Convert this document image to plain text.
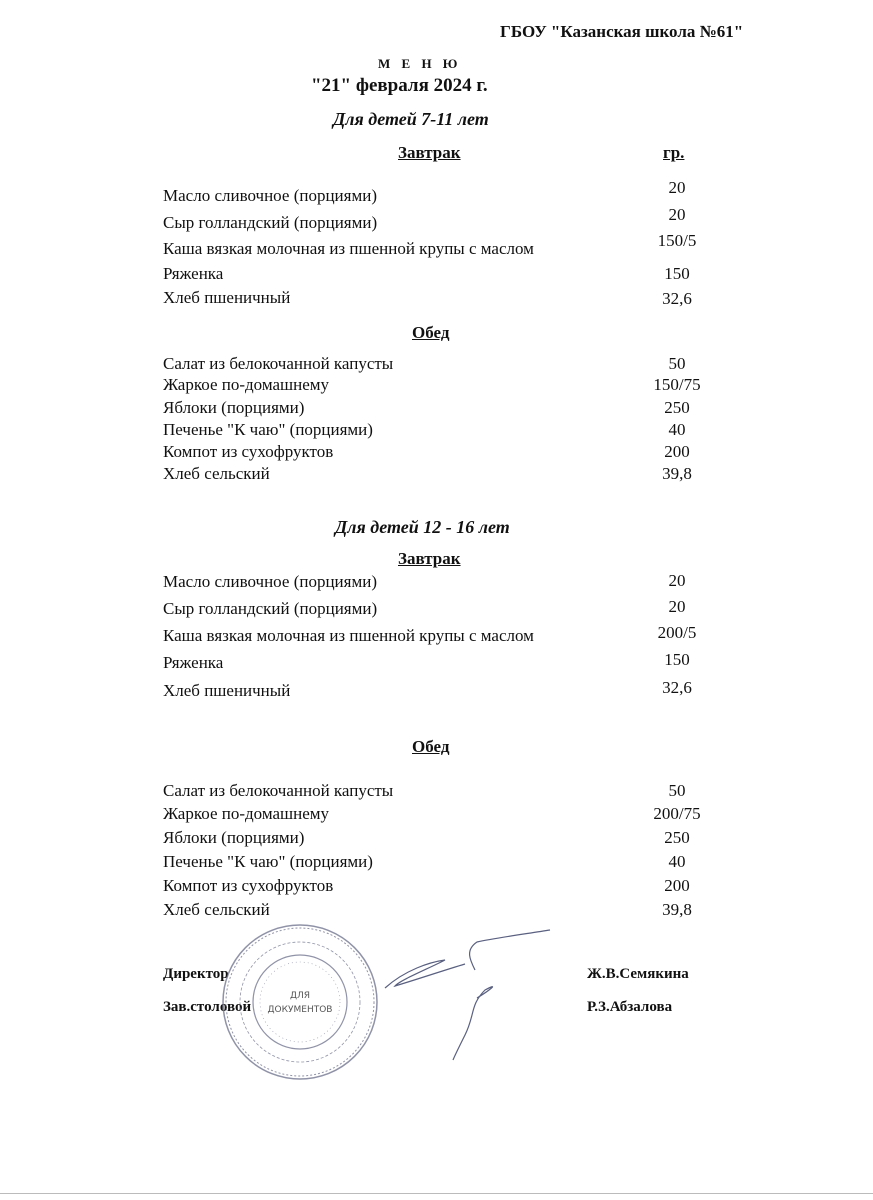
ГБОУ "Казанская школа №61"
М Е Н Ю
"21" февраля 2024 г.
Для детей 7-11 лет
Завтрак	гр.
Масло сливочное (порциями)	20
Сыр голландский (порциями)	20
Каша вязкая молочная из пшенной крупы с маслом	150/5
Ряженка	150
Хлеб пшеничный	32,6
Обед
Салат из белокочанной капусты	50
Жаркое по-домашнему	150/75
Яблоки (порциями)	250
Печенье "К чаю" (порциями)	40
Компот из сухофруктов	200
Хлеб сельский	39,8
Для детей 12 - 16 лет
Завтрак
Масло сливочное (порциями)	20
Сыр голландский (порциями)	20
Каша вязкая молочная из пшенной крупы с маслом	200/5
Ряженка	150
Хлеб пшеничный	32,6
Обед
Салат из белокочанной капусты	50
Жаркое по-домашнему	200/75
Яблоки (порциями)	250
Печенье "К чаю" (порциями)	40
Компот из сухофруктов	200
Хлеб сельский	39,8
Директор	Ж.В.Семякина
Зав.столовой	Р.З.Абзалова
ДЛЯ
ДОКУМЕНТОВ
